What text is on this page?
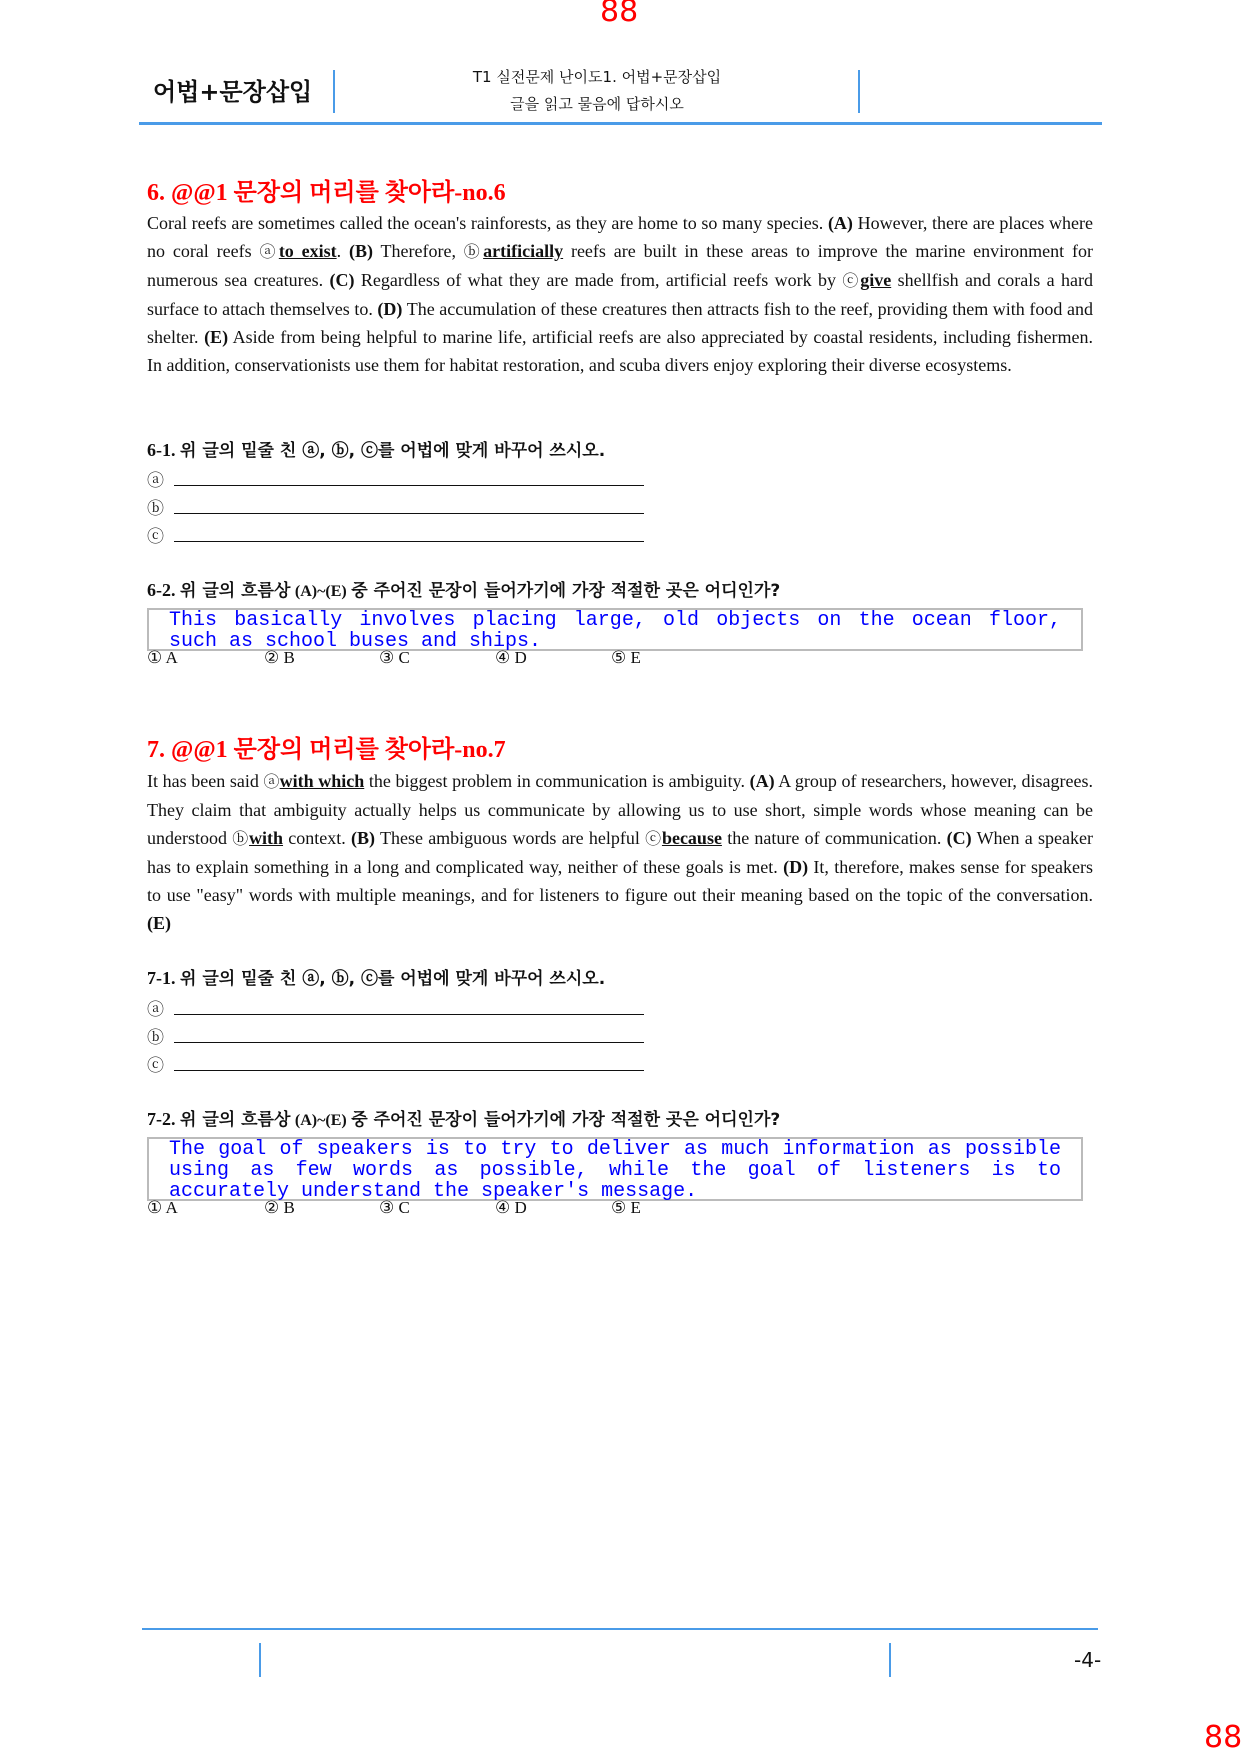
88
어법+문장삽입
T1 실전문제 난이도1. 어법+문장삽입
글을 읽고 물음에 답하시오
6. @@1 문장의 머리를 찾아라-no.6
Coral reefs are sometimes called the ocean's rainforests, as they are home to so many species. (A) However, there are places where no coral reefs ⓐto exist. (B) Therefore, ⓑartificially reefs are built in these areas to improve the marine environment for numerous sea creatures. (C) Regardless of what they are made from, artificial reefs work by ⓒgive shellfish and corals a hard surface to attach themselves to. (D) The accumulation of these creatures then attracts fish to the reef, providing them with food and shelter. (E) Aside from being helpful to marine life, artificial reefs are also appreciated by coastal residents, including fishermen. In addition, conservationists use them for habitat restoration, and scuba divers enjoy exploring their diverse ecosystems.
6-1. 위 글의 밑줄 친 ⓐ, ⓑ, ⓒ를 어법에 맞게 바꾸어 쓰시오.
ⓐ
ⓑ
ⓒ
6-2. 위 글의 흐름상 (A)~(E) 중 주어진 문장이 들어가기에 가장 적절한 곳은 어디인가?
This basically involves placing large, old objects on the ocean floor, such as school buses and ships.
① A	② B	③ C	④ D	⑤ E
7. @@1 문장의 머리를 찾아라-no.7
It has been said ⓐwith which the biggest problem in communication is ambiguity. (A) A group of researchers, however, disagrees. They claim that ambiguity actually helps us communicate by allowing us to use short, simple words whose meaning can be understood ⓑwith context. (B) These ambiguous words are helpful ⓒbecause the nature of communication. (C) When a speaker has to explain something in a long and complicated way, neither of these goals is met. (D) It, therefore, makes sense for speakers to use "easy" words with multiple meanings, and for listeners to figure out their meaning based on the topic of the conversation. (E)
7-1. 위 글의 밑줄 친 ⓐ, ⓑ, ⓒ를 어법에 맞게 바꾸어 쓰시오.
ⓐ
ⓑ
ⓒ
7-2. 위 글의 흐름상 (A)~(E) 중 주어진 문장이 들어가기에 가장 적절한 곳은 어디인가?
The goal of speakers is to try to deliver as much information as possible using as few words as possible, while the goal of listeners is to accurately understand the speaker's message.
① A	② B	③ C	④ D	⑤ E
-4-
88
